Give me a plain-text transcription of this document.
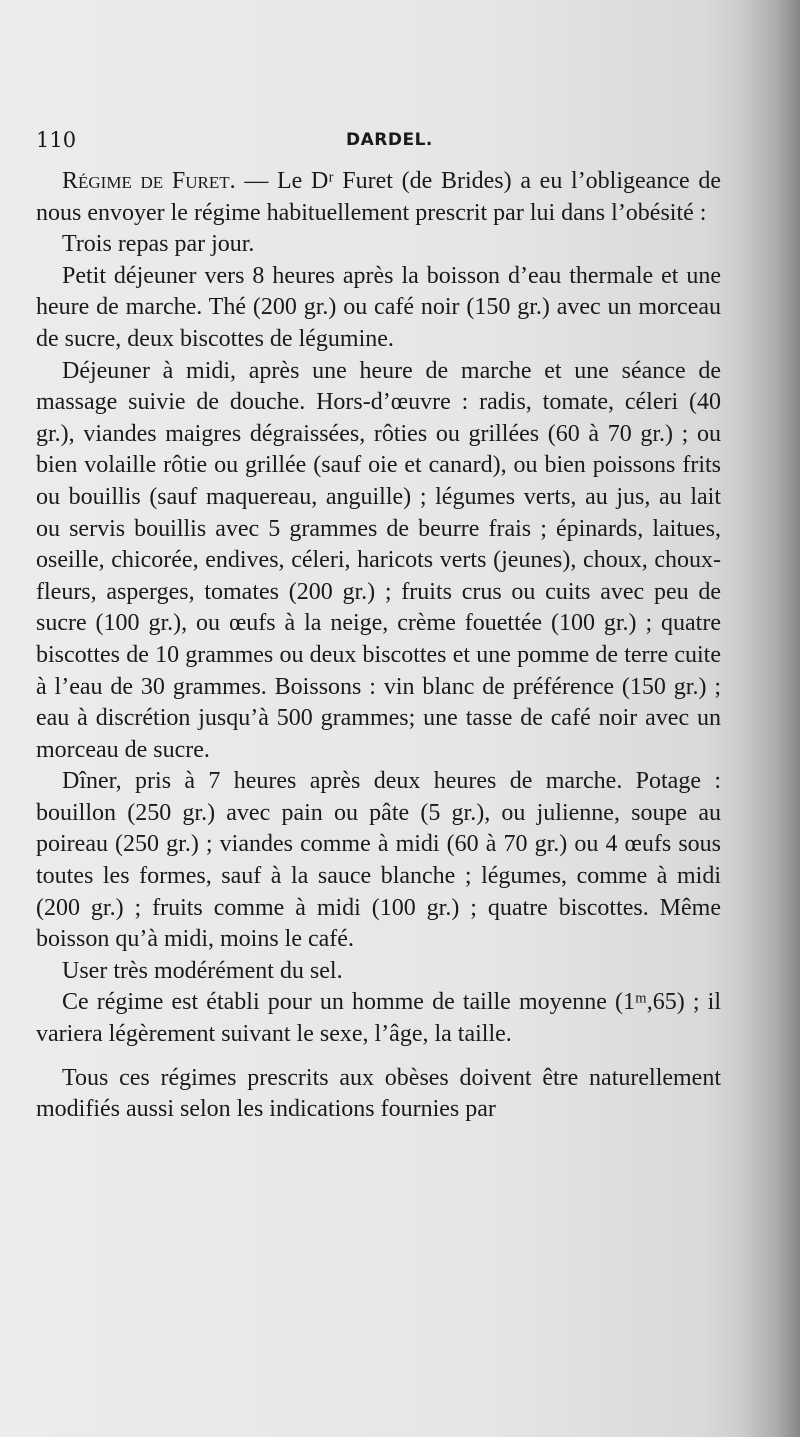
110	DARDEL.

Régime de Furet. — Le Dʳ Furet (de Brides) a eu l’obligeance de nous envoyer le régime habituellement prescrit par lui dans l’obésité :

Trois repas par jour.

Petit déjeuner vers 8 heures après la boisson d’eau thermale et une heure de marche. Thé (200 gr.) ou café noir (150 gr.) avec un morceau de sucre, deux biscottes de légumine.

Déjeuner à midi, après une heure de marche et une séance de massage suivie de douche. Hors-d’œuvre : radis, tomate, céleri (40 gr.), viandes maigres dégraissées, rôties ou grillées (60 à 70 gr.) ; ou bien volaille rôtie ou grillée (sauf oie et canard), ou bien poissons frits ou bouillis (sauf maquereau, anguille) ; légumes verts, au jus, au lait ou servis bouillis avec 5 grammes de beurre frais ; épinards, laitues, oseille, chicorée, endives, céleri, haricots verts (jeunes), choux, choux-fleurs, asperges, tomates (200 gr.) ; fruits crus ou cuits avec peu de sucre (100 gr.), ou œufs à la neige, crème fouettée (100 gr.) ; quatre biscottes de 10 grammes ou deux biscottes et une pomme de terre cuite à l’eau de 30 grammes. Boissons : vin blanc de préférence (150 gr.) ; eau à discrétion jusqu’à 500 grammes; une tasse de café noir avec un morceau de sucre.

Dîner, pris à 7 heures après deux heures de marche. Potage : bouillon (250 gr.) avec pain ou pâte (5 gr.), ou julienne, soupe au poireau (250 gr.) ; viandes comme à midi (60 à 70 gr.) ou 4 œufs sous toutes les formes, sauf à la sauce blanche ; légumes, comme à midi (200 gr.) ; fruits comme à midi (100 gr.) ; quatre biscottes. Même boisson qu’à midi, moins le café.

User très modérément du sel.

Ce régime est établi pour un homme de taille moyenne (1ᵐ,65) ; il variera légèrement suivant le sexe, l’âge, la taille.

Tous ces régimes prescrits aux obèses doivent être naturellement modifiés aussi selon les indications fournies par
